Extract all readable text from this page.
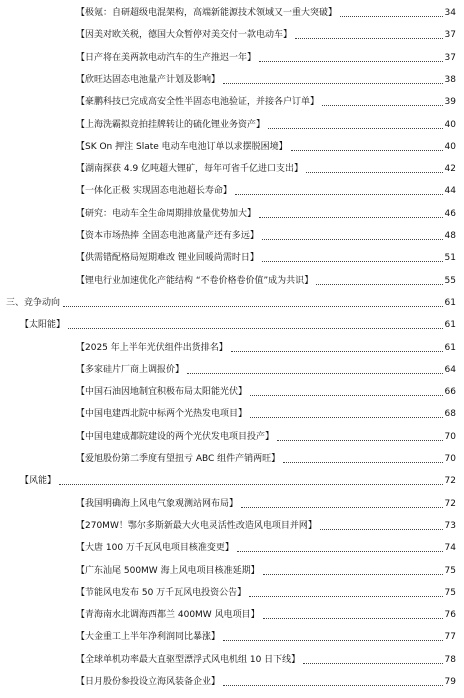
【极氪：自研超级电混架构，高端新能源技术领域又一重大突破】	34
【因美对欧关税，德国大众暂停对美交付一款电动车】	37
【日产将在美两款电动汽车的生产推迟一年】	37
【欣旺达固态电池量产计划及影响】	38
【豪鹏科技已完成高安全性半固态电池验证，并接各户订单】	39
【上海洗霸拟竞拍挂牌转让的硫化锂业务资产】	40
【SK On 押注 Slate 电动车电池订单以求摆脱困境】	40
【湖南探获 4.9 亿吨超大锂矿，每年可省千亿进口支出】	42
【一体化正极 实现固态电池超长寿命】	44
【研究：电动车全生命周期排放量优势加大】	46
【资本市场热捧 全固态电池离量产还有多远】	48
【供需错配格局短期难改 锂业回暖尚需时日】	51
【锂电行业加速优化产能结构 “不卷价格卷价值”成为共识】	55
三、竞争动向	61
【太阳能】	61
【2025 年上半年光伏组件出货排名】	61
【多家硅片厂商上调报价】	64
【中国石油因地制宜积极布局太阳能光伏】	66
【中国电建西北院中标两个光热发电项目】	68
【中国电建成都院建设的两个光伏发电项目投产】	70
【爱旭股份第二季度有望扭亏 ABC 组件产销两旺】	70
【风能】	72
【我国明确海上风电气象观测站网布局】	72
【270MW！鄂尔多斯新最大火电灵活性改造风电项目并网】	73
【大唐 100 万千瓦风电项目核准变更】	74
【广东汕尾 500MW 海上风电项目核准延期】	75
【节能风电发布 50 万千瓦风电投资公告】	75
【青海南水北调海西都兰 400MW 风电项目】	76
【大金重工上半年净利润同比暴涨】	77
【全球单机功率最大直驱型漂浮式风电机组 10 日下线】	78
【日月股份参投设立海风装备企业】	79
